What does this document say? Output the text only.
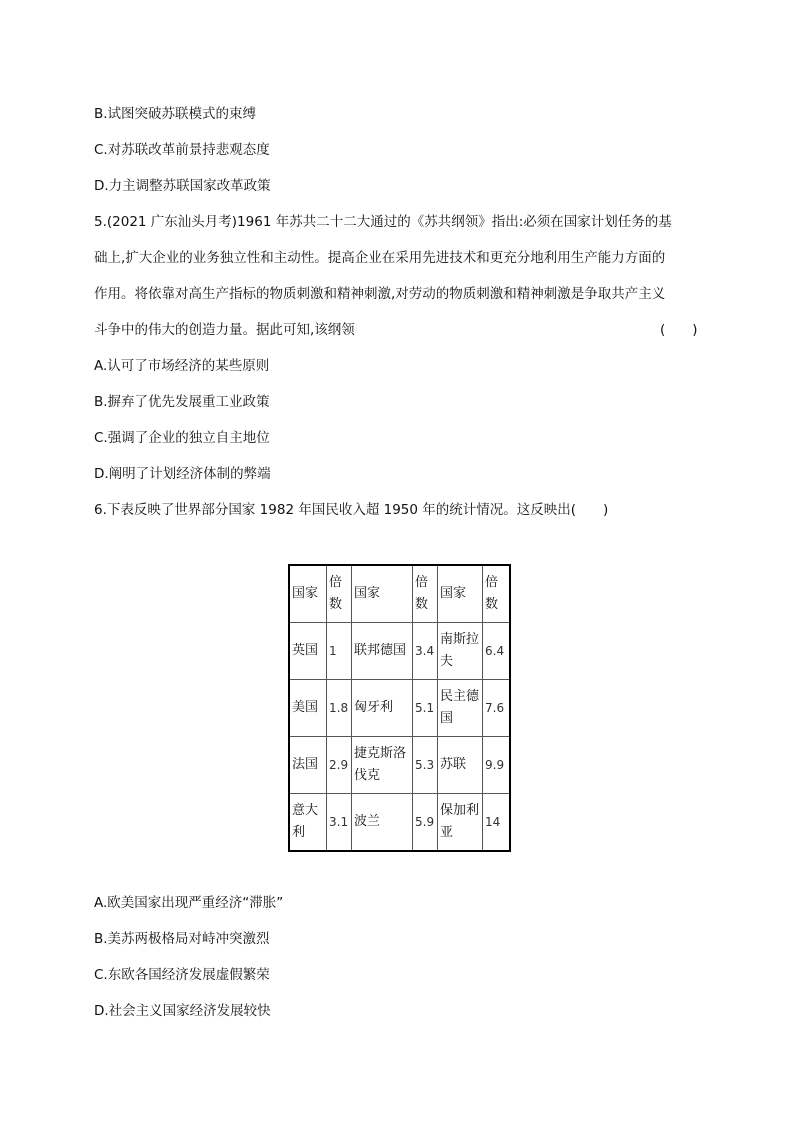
B.试图突破苏联模式的束缚
C.对苏联改革前景持悲观态度
D.力主调整苏联国家改革政策
5.(2021 广东汕头月考)1961 年苏共二十二大通过的《苏共纲领》指出:必须在国家计划任务的基
础上,扩大企业的业务独立性和主动性。提高企业在采用先进技术和更充分地利用生产能力方面的
作用。将依靠对高生产指标的物质刺激和精神刺激,对劳动的物质刺激和精神刺激是争取共产主义
斗争中的伟大的创造力量。据此可知,该纲领	(　　)
A.认可了市场经济的某些原则
B.摒弃了优先发展重工业政策
C.强调了企业的独立自主地位
D.阐明了计划经济体制的弊端
6.下表反映了世界部分国家 1982 年国民收入超 1950 年的统计情况。这反映出(　　)
国家	倍数	国家	倍数	国家	倍数
英国	1	联邦德国	3.4	南斯拉夫	6.4
美国	1.8	匈牙利	5.1	民主德国	7.6
法国	2.9	捷克斯洛伐克	5.3	苏联	9.9
意大利	3.1	波兰	5.9	保加利亚	14
A.欧美国家出现严重经济“滞胀”
B.美苏两极格局对峙冲突激烈
C.东欧各国经济发展虚假繁荣
D.社会主义国家经济发展较快
